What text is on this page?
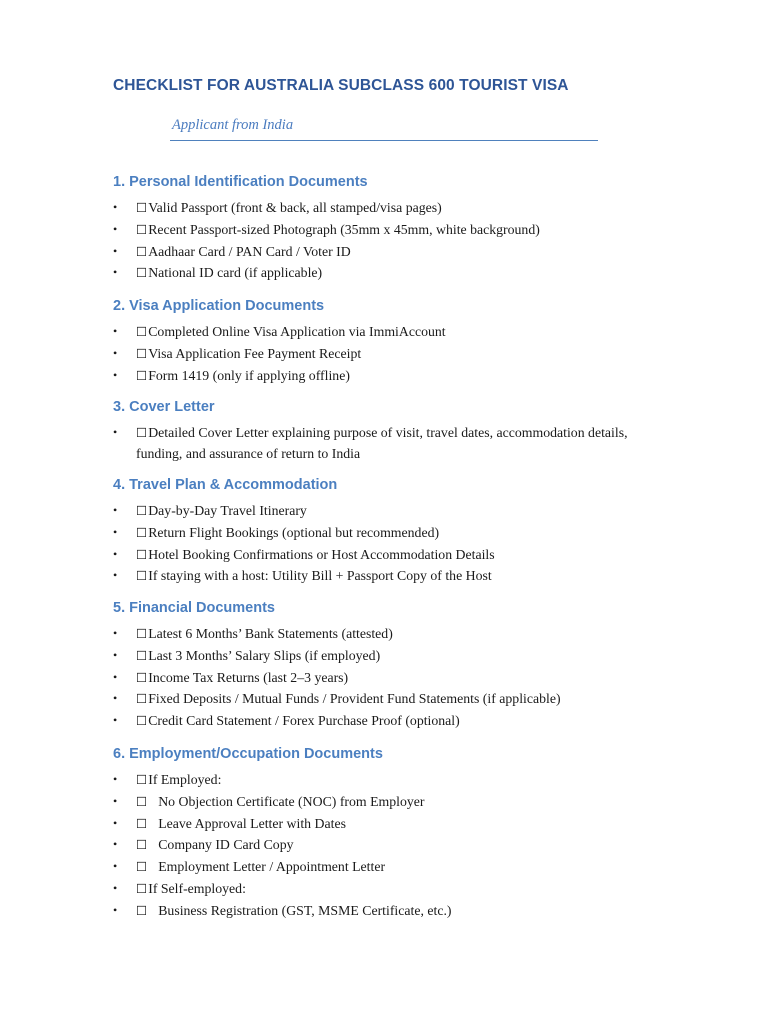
CHECKLIST FOR AUSTRALIA SUBCLASS 600 TOURIST VISA
Applicant from India
1. Personal Identification Documents
• ☐Valid Passport (front & back, all stamped/visa pages)
• ☐Recent Passport-sized Photograph (35mm x 45mm, white background)
• ☐Aadhaar Card / PAN Card / Voter ID
• ☐National ID card (if applicable)
2. Visa Application Documents
• ☐Completed Online Visa Application via ImmiAccount
• ☐Visa Application Fee Payment Receipt
• ☐Form 1419 (only if applying offline)
3. Cover Letter
• ☐Detailed Cover Letter explaining purpose of visit, travel dates, accommodation details, funding, and assurance of return to India
4. Travel Plan & Accommodation
• ☐Day-by-Day Travel Itinerary
• ☐Return Flight Bookings (optional but recommended)
• ☐Hotel Booking Confirmations or Host Accommodation Details
• ☐If staying with a host: Utility Bill + Passport Copy of the Host
5. Financial Documents
• ☐Latest 6 Months’ Bank Statements (attested)
• ☐Last 3 Months’ Salary Slips (if employed)
• ☐Income Tax Returns (last 2–3 years)
• ☐Fixed Deposits / Mutual Funds / Provident Fund Statements (if applicable)
• ☐Credit Card Statement / Forex Purchase Proof (optional)
6. Employment/Occupation Documents
• ☐If Employed:
• ☐ No Objection Certificate (NOC) from Employer
• ☐ Leave Approval Letter with Dates
• ☐ Company ID Card Copy
• ☐ Employment Letter / Appointment Letter
• ☐If Self-employed:
• ☐ Business Registration (GST, MSME Certificate, etc.)
